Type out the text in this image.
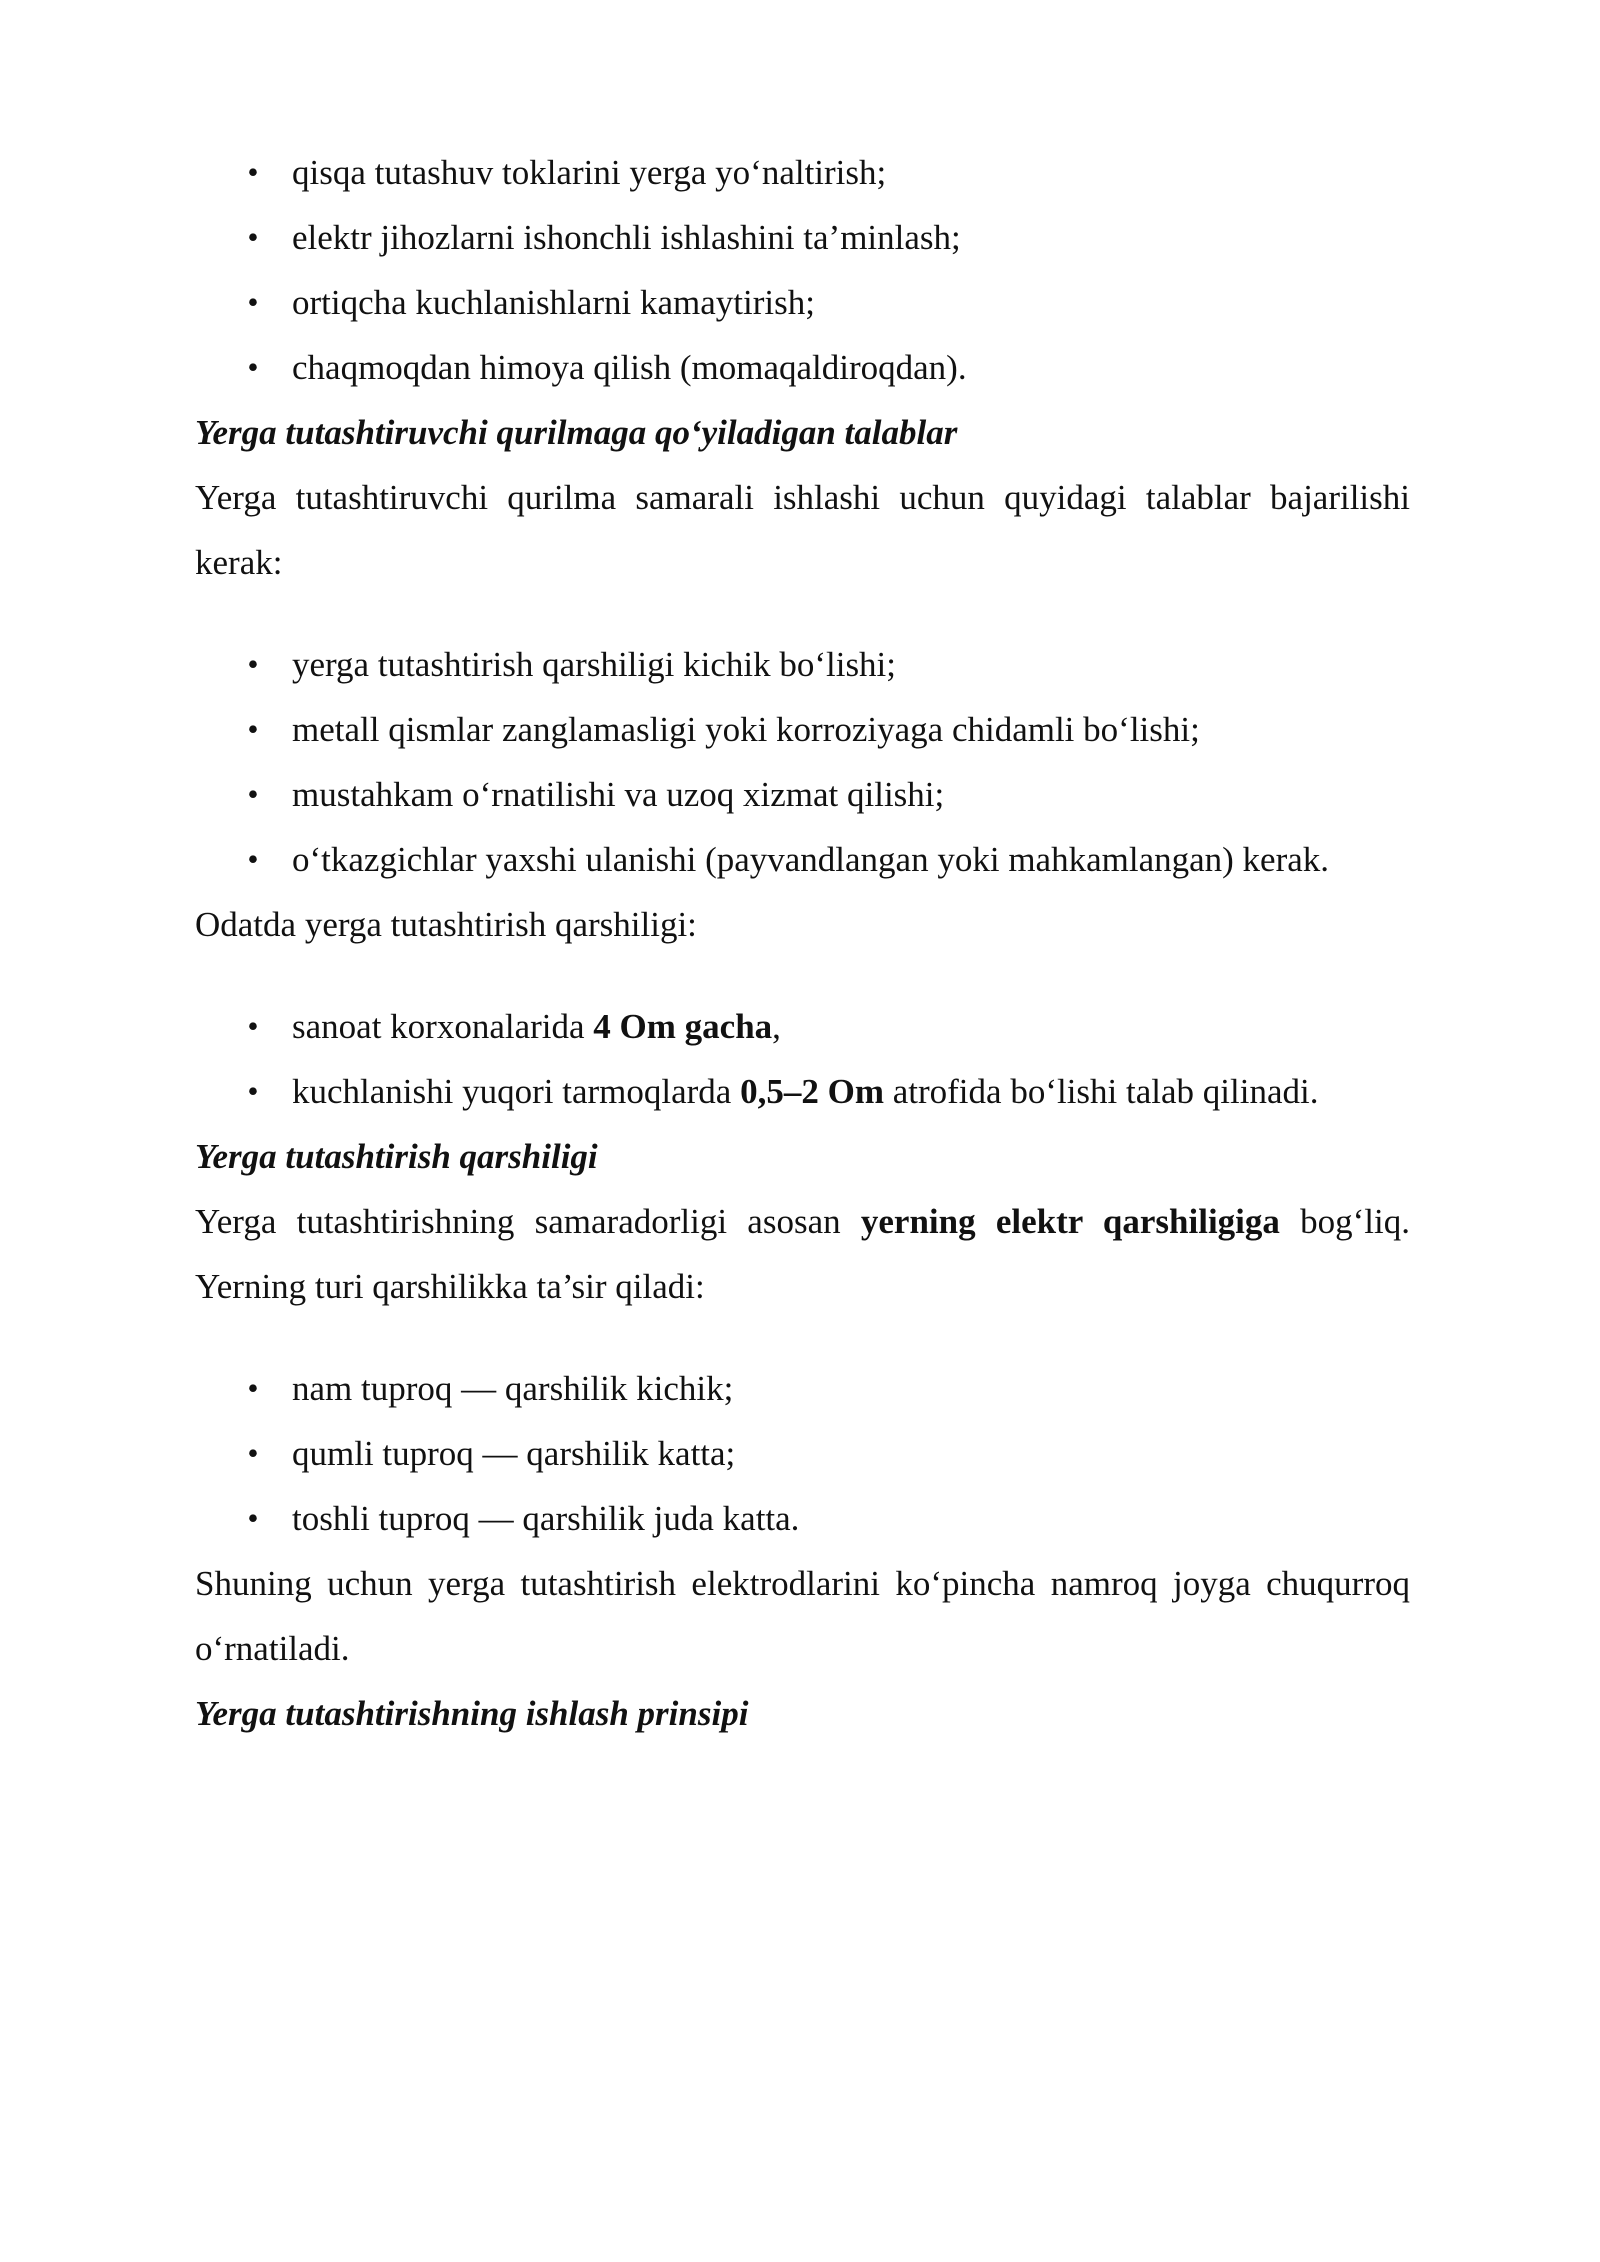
• qisqa tutashuv toklarini yerga yo‘naltirish;
• elektr jihozlarni ishonchli ishlashini ta’minlash;
• ortiqcha kuchlanishlarni kamaytirish;
• chaqmoqdan himoya qilish (momaqaldiroqdan).

Yerga tutashtiruvchi qurilmaga qo‘yiladigan talablar

Yerga tutashtiruvchi qurilma samarali ishlashi uchun quyidagi talablar bajarilishi kerak:

• yerga tutashtirish qarshiligi kichik bo‘lishi;
• metall qismlar zanglamasligi yoki korroziyaga chidamli bo‘lishi;
• mustahkam o‘rnatilishi va uzoq xizmat qilishi;
• o‘tkazgichlar yaxshi ulanishi (payvandlangan yoki mahkamlangan) kerak.

Odatda yerga tutashtirish qarshiligi:

• sanoat korxonalarida 4 Om gacha,
• kuchlanishi yuqori tarmoqlarda 0,5–2 Om atrofida bo‘lishi talab qilinadi.

Yerga tutashtirish qarshiligi

Yerga tutashtirishning samaradorligi asosan yerning elektr qarshiligiga bog‘liq. Yerning turi qarshilikka ta’sir qiladi:

• nam tuproq — qarshilik kichik;
• qumli tuproq — qarshilik katta;
• toshli tuproq — qarshilik juda katta.

Shuning uchun yerga tutashtirish elektrodlarini ko‘pincha namroq joyga chuqurroq o‘rnatiladi.

Yerga tutashtirishning ishlash prinsipi
